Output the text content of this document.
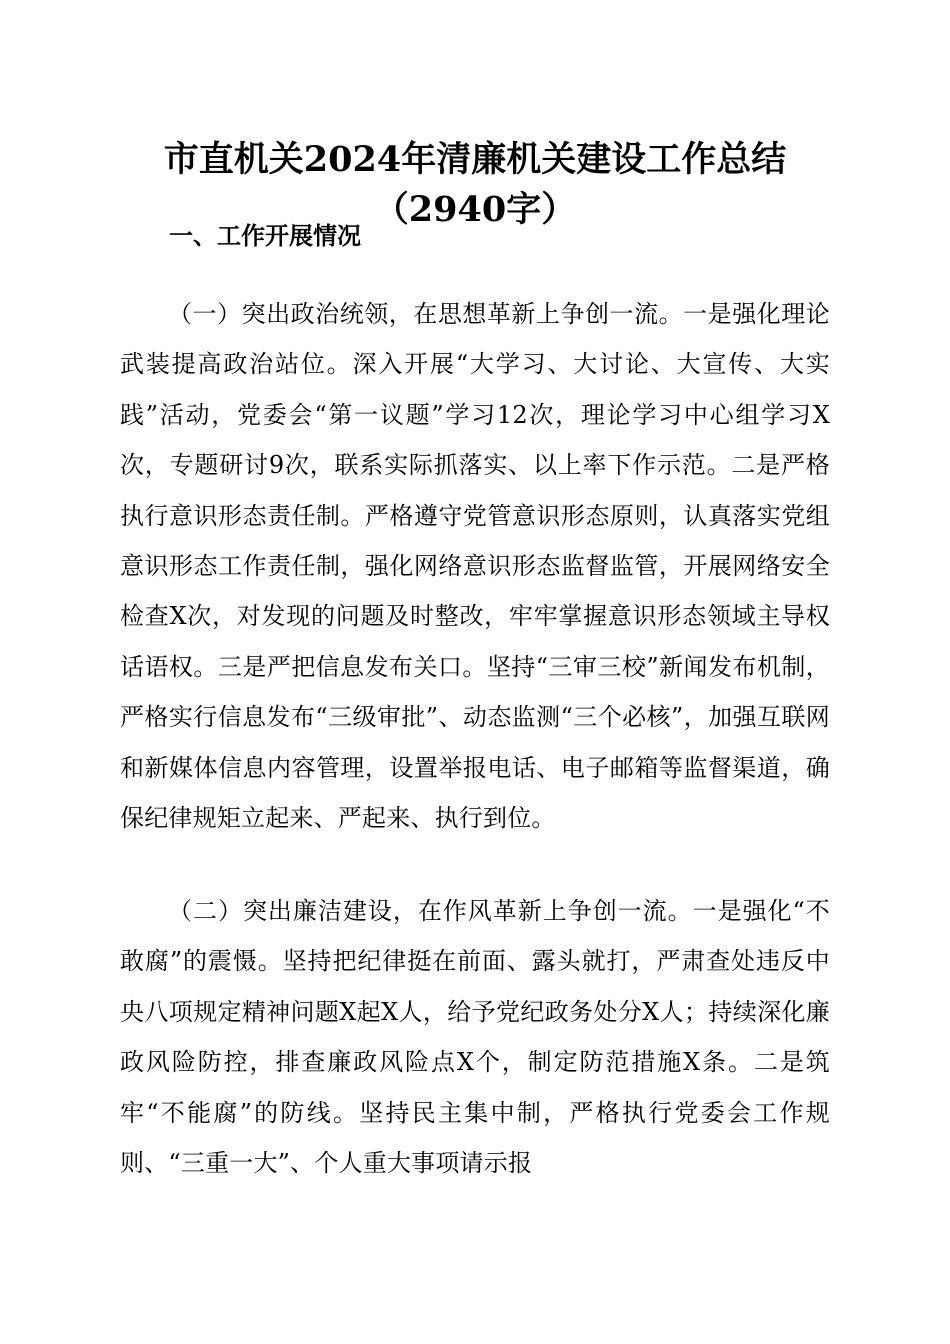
市直机关2024年清廉机关建设工作总结
（2940字）
一、工作开展情况

（一）突出政治统领，在思想革新上争创一流。一是强化理论武装提高政治站位。深入开展“大学习、大讨论、大宣传、大实践”活动，党委会“第一议题”学习12次，理论学习中心组学习X次，专题研讨9次，联系实际抓落实、以上率下作示范。二是严格执行意识形态责任制。严格遵守党管意识形态原则，认真落实党组意识形态工作责任制，强化网络意识形态监督监管，开展网络安全检查X次，对发现的问题及时整改，牢牢掌握意识形态领域主导权话语权。三是严把信息发布关口。坚持“三审三校”新闻发布机制，严格实行信息发布“三级审批”、动态监测“三个必核”，加强互联网和新媒体信息内容管理，设置举报电话、电子邮箱等监督渠道，确保纪律规矩立起来、严起来、执行到位。

（二）突出廉洁建设，在作风革新上争创一流。一是强化“不敢腐”的震慑。坚持把纪律挺在前面、露头就打，严肃查处违反中央八项规定精神问题X起X人，给予党纪政务处分X人；持续深化廉政风险防控，排查廉政风险点X个，制定防范措施X条。二是筑牢“不能腐”的防线。坚持民主集中制，严格执行党委会工作规则、“三重一大”、个人重大事项请示报
